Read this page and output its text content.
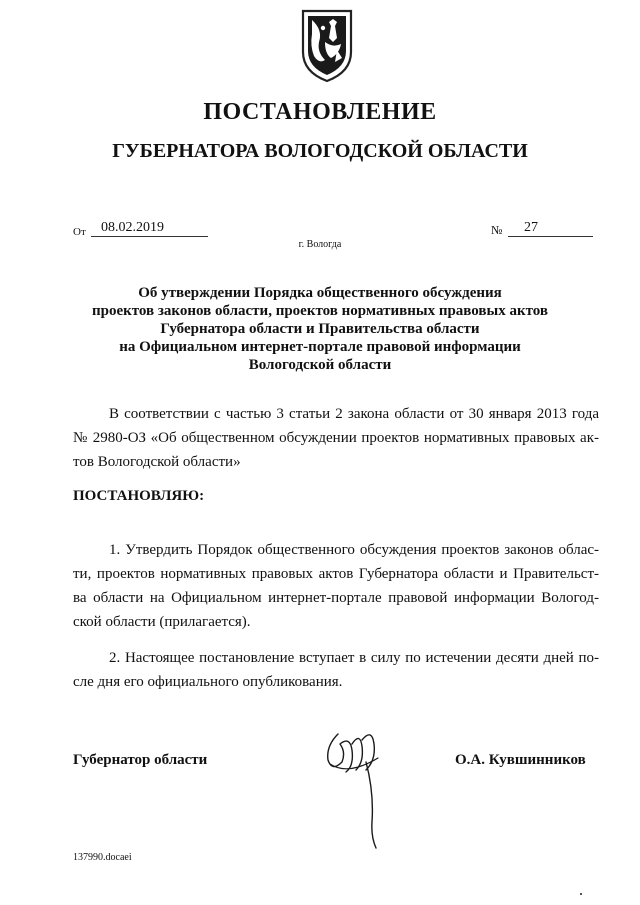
ПОСТАНОВЛЕНИЕ
ГУБЕРНАТОРА ВОЛОГОДСКОЙ ОБЛАСТИ
От	08.02.2019	№	27
г. Вологда
Об утверждении Порядка общественного обсуждения
проектов законов области, проектов нормативных правовых актов
Губернатора области и Правительства области
на Официальном интернет-портале правовой информации
Вологодской области
В соответствии с частью 3 статьи 2 закона области от 30 января 2013 года
№ 2980-ОЗ «Об общественном обсуждении проектов нормативных правовых ак-
тов Вологодской области»
ПОСТАНОВЛЯЮ:
1. Утвердить Порядок общественного обсуждения проектов законов облас-
ти, проектов нормативных правовых актов Губернатора области и Правительст-
ва области на Официальном интернет-портале правовой информации Вологод-
ской области (прилагается).
2. Настоящее постановление вступает в силу по истечении десяти дней по-
сле дня его официального опубликования.
Губернатор области	О.А. Кувшинников
137990.docaei
